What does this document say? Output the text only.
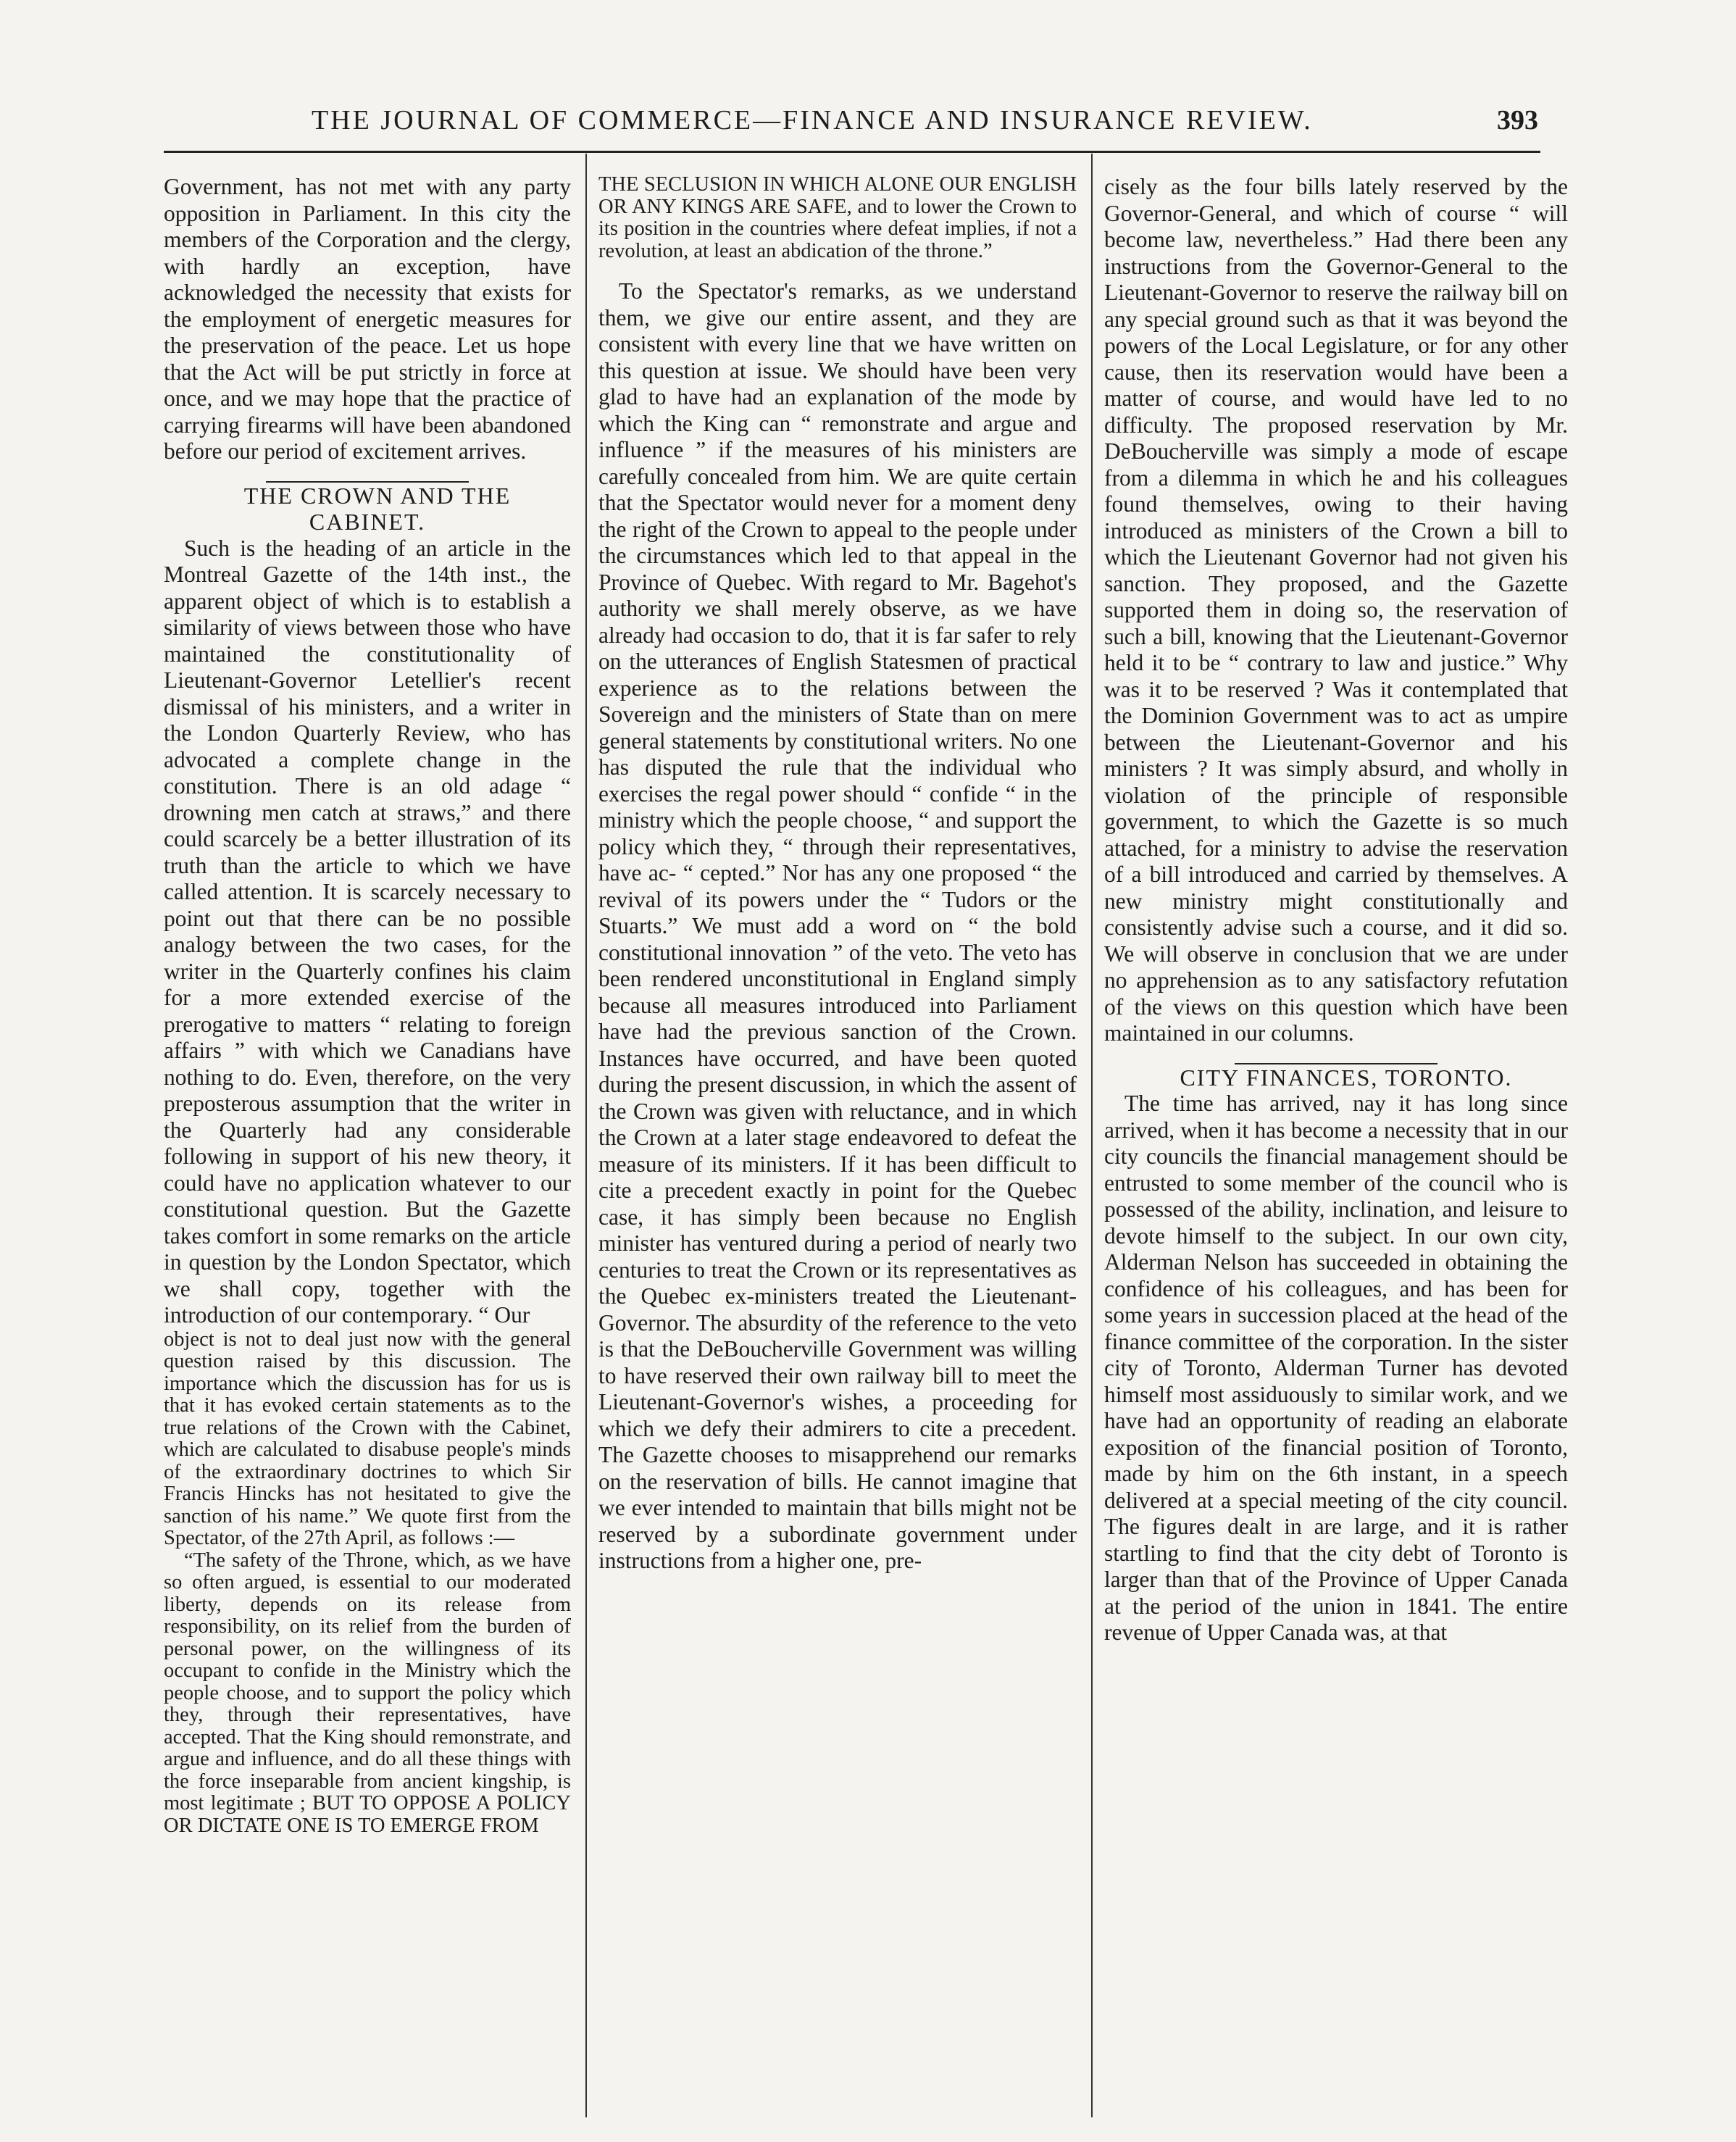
THE JOURNAL OF COMMERCE—FINANCE AND INSURANCE REVIEW.	393

Government, has not met with any party opposition in Parliament. In this city the members of the Corporation and the clergy, with hardly an exception, have acknowledged the necessity that exists for the employment of energetic measures for the preservation of the peace. Let us hope that the Act will be put strictly in force at once, and we may hope that the practice of carrying firearms will have been abandoned before our period of excitement arrives.

THE CROWN AND THE CABINET.

Such is the heading of an article in the Montreal Gazette of the 14th inst., the apparent object of which is to establish a similarity of views between those who have maintained the constitutionality of Lieutenant-Governor Letellier's recent dismissal of his ministers, and a writer in the London Quarterly Review, who has advocated a complete change in the constitution. There is an old adage “ drowning men catch at straws,” and there could scarcely be a better illustration of its truth than the article to which we have called attention. It is scarcely necessary to point out that there can be no possible analogy between the two cases, for the writer in the Quarterly confines his claim for a more extended exercise of the prerogative to matters “ relating to foreign affairs ” with which we Canadians have nothing to do. Even, therefore, on the very preposterous assumption that the writer in the Quarterly had any considerable following in support of his new theory, it could have no application whatever to our constitutional question. But the Gazette takes comfort in some remarks on the article in question by the London Spectator, which we shall copy, together with the introduction of our contemporary. “ Our

object is not to deal just now with the general question raised by this discussion. The importance which the discussion has for us is that it has evoked certain statements as to the true relations of the Crown with the Cabinet, which are calculated to disabuse people's minds of the extraordinary doctrines to which Sir Francis Hincks has not hesitated to give the sanction of his name.” We quote first from the Spectator, of the 27th April, as follows :—

“The safety of the Throne, which, as we have so often argued, is essential to our moderated liberty, depends on its release from responsibility, on its relief from the burden of personal power, on the willingness of its occupant to confide in the Ministry which the people choose, and to support the policy which they, through their representatives, have accepted. That the King should remonstrate, and argue and influence, and do all these things with the force inseparable from ancient kingship, is most legitimate ; BUT TO OPPOSE A POLICY OR DICTATE ONE IS TO EMERGE FROM

THE SECLUSION IN WHICH ALONE OUR ENGLISH OR ANY KINGS ARE SAFE, and to lower the Crown to its position in the countries where defeat implies, if not a revolution, at least an abdication of the throne.”

To the Spectator's remarks, as we understand them, we give our entire assent, and they are consistent with every line that we have written on this question at issue. We should have been very glad to have had an explanation of the mode by which the King can “ remonstrate and argue and influence ” if the measures of his ministers are carefully concealed from him. We are quite certain that the Spectator would never for a moment deny the right of the Crown to appeal to the people under the circumstances which led to that appeal in the Province of Quebec. With regard to Mr. Bagehot's authority we shall merely observe, as we have already had occasion to do, that it is far safer to rely on the utterances of English Statesmen of practical experience as to the relations between the Sovereign and the ministers of State than on mere general statements by constitutional writers. No one has disputed the rule that the individual who exercises the regal power should “ confide “ in the ministry which the people choose, “ and support the policy which they, “ through their representatives, have ac- “ cepted.” Nor has any one proposed “ the revival of its powers under the “ Tudors or the Stuarts.” We must add a word on “ the bold constitutional innovation ” of the veto. The veto has been rendered unconstitutional in England simply because all measures introduced into Parliament have had the previous sanction of the Crown. Instances have occurred, and have been quoted during the present discussion, in which the assent of the Crown was given with reluctance, and in which the Crown at a later stage endeavored to defeat the measure of its ministers. If it has been difficult to cite a precedent exactly in point for the Quebec case, it has simply been because no English minister has ventured during a period of nearly two centuries to treat the Crown or its representatives as the Quebec ex-ministers treated the Lieutenant-Governor. The absurdity of the reference to the veto is that the DeBoucherville Government was willing to have reserved their own railway bill to meet the Lieutenant-Governor's wishes, a proceeding for which we defy their admirers to cite a precedent. The Gazette chooses to misapprehend our remarks on the reservation of bills. He cannot imagine that we ever intended to maintain that bills might not be reserved by a subordinate government under instructions from a higher one, pre-

cisely as the four bills lately reserved by the Governor-General, and which of course “ will become law, nevertheless.” Had there been any instructions from the Governor-General to the Lieutenant-Governor to reserve the railway bill on any special ground such as that it was beyond the powers of the Local Legislature, or for any other cause, then its reservation would have been a matter of course, and would have led to no difficulty. The proposed reservation by Mr. DeBoucherville was simply a mode of escape from a dilemma in which he and his colleagues found themselves, owing to their having introduced as ministers of the Crown a bill to which the Lieutenant Governor had not given his sanction. They proposed, and the Gazette supported them in doing so, the reservation of such a bill, knowing that the Lieutenant-Governor held it to be “ contrary to law and justice.” Why was it to be reserved ? Was it contemplated that the Dominion Government was to act as umpire between the Lieutenant-Governor and his ministers ? It was simply absurd, and wholly in violation of the principle of responsible government, to which the Gazette is so much attached, for a ministry to advise the reservation of a bill introduced and carried by themselves. A new ministry might constitutionally and consistently advise such a course, and it did so. We will observe in conclusion that we are under no apprehension as to any satisfactory refutation of the views on this question which have been maintained in our columns.

CITY FINANCES, TORONTO.

The time has arrived, nay it has long since arrived, when it has become a necessity that in our city councils the financial management should be entrusted to some member of the council who is possessed of the ability, inclination, and leisure to devote himself to the subject. In our own city, Alderman Nelson has succeeded in obtaining the confidence of his colleagues, and has been for some years in succession placed at the head of the finance committee of the corporation. In the sister city of Toronto, Alderman Turner has devoted himself most assiduously to similar work, and we have had an opportunity of reading an elaborate exposition of the financial position of Toronto, made by him on the 6th instant, in a speech delivered at a special meeting of the city council. The figures dealt in are large, and it is rather startling to find that the city debt of Toronto is larger than that of the Province of Upper Canada at the period of the union in 1841. The entire revenue of Upper Canada was, at that
